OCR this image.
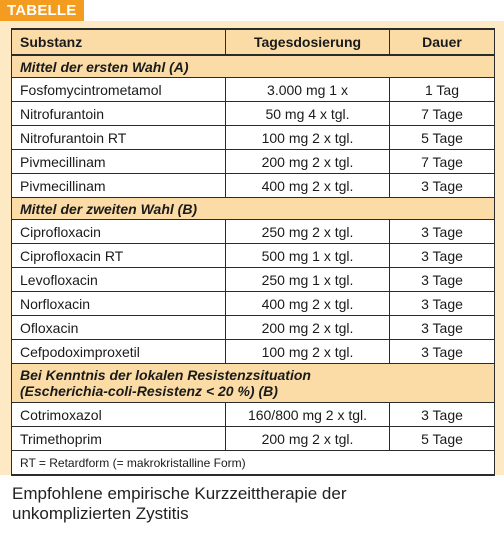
TABELLE
Substanz	Tagesdosierung	Dauer
Mittel der ersten Wahl (A)		
Fosfomycintrometamol	3.000 mg 1 x	1 Tag
Nitrofurantoin	50 mg 4 x tgl.	7 Tage
Nitrofurantoin RT	100 mg 2 x tgl.	5 Tage
Pivmecillinam	200 mg 2 x tgl.	7 Tage
Pivmecillinam	400 mg 2 x tgl.	3 Tage
Mittel der zweiten Wahl (B)		
Ciprofloxacin	250 mg 2 x tgl.	3 Tage
Ciprofloxacin RT	500 mg 1 x tgl.	3 Tage
Levofloxacin	250 mg 1 x tgl.	3 Tage
Norfloxacin	400 mg 2 x tgl.	3 Tage
Ofloxacin	200 mg 2 x tgl.	3 Tage
Cefpodoximproxetil	100 mg 2 x tgl.	3 Tage
Bei Kenntnis der lokalen Resistenzsituation
(Escherichia-coli-Resistenz < 20 %) (B)		
Cotrimoxazol	160/800 mg 2 x tgl.	3 Tage
Trimethoprim	200 mg 2 x tgl.	5 Tage
RT = Retardform (= makrokristalline Form)		
Empfohlene empirische Kurzzeittherapie der
unkomplizierten Zystitis
